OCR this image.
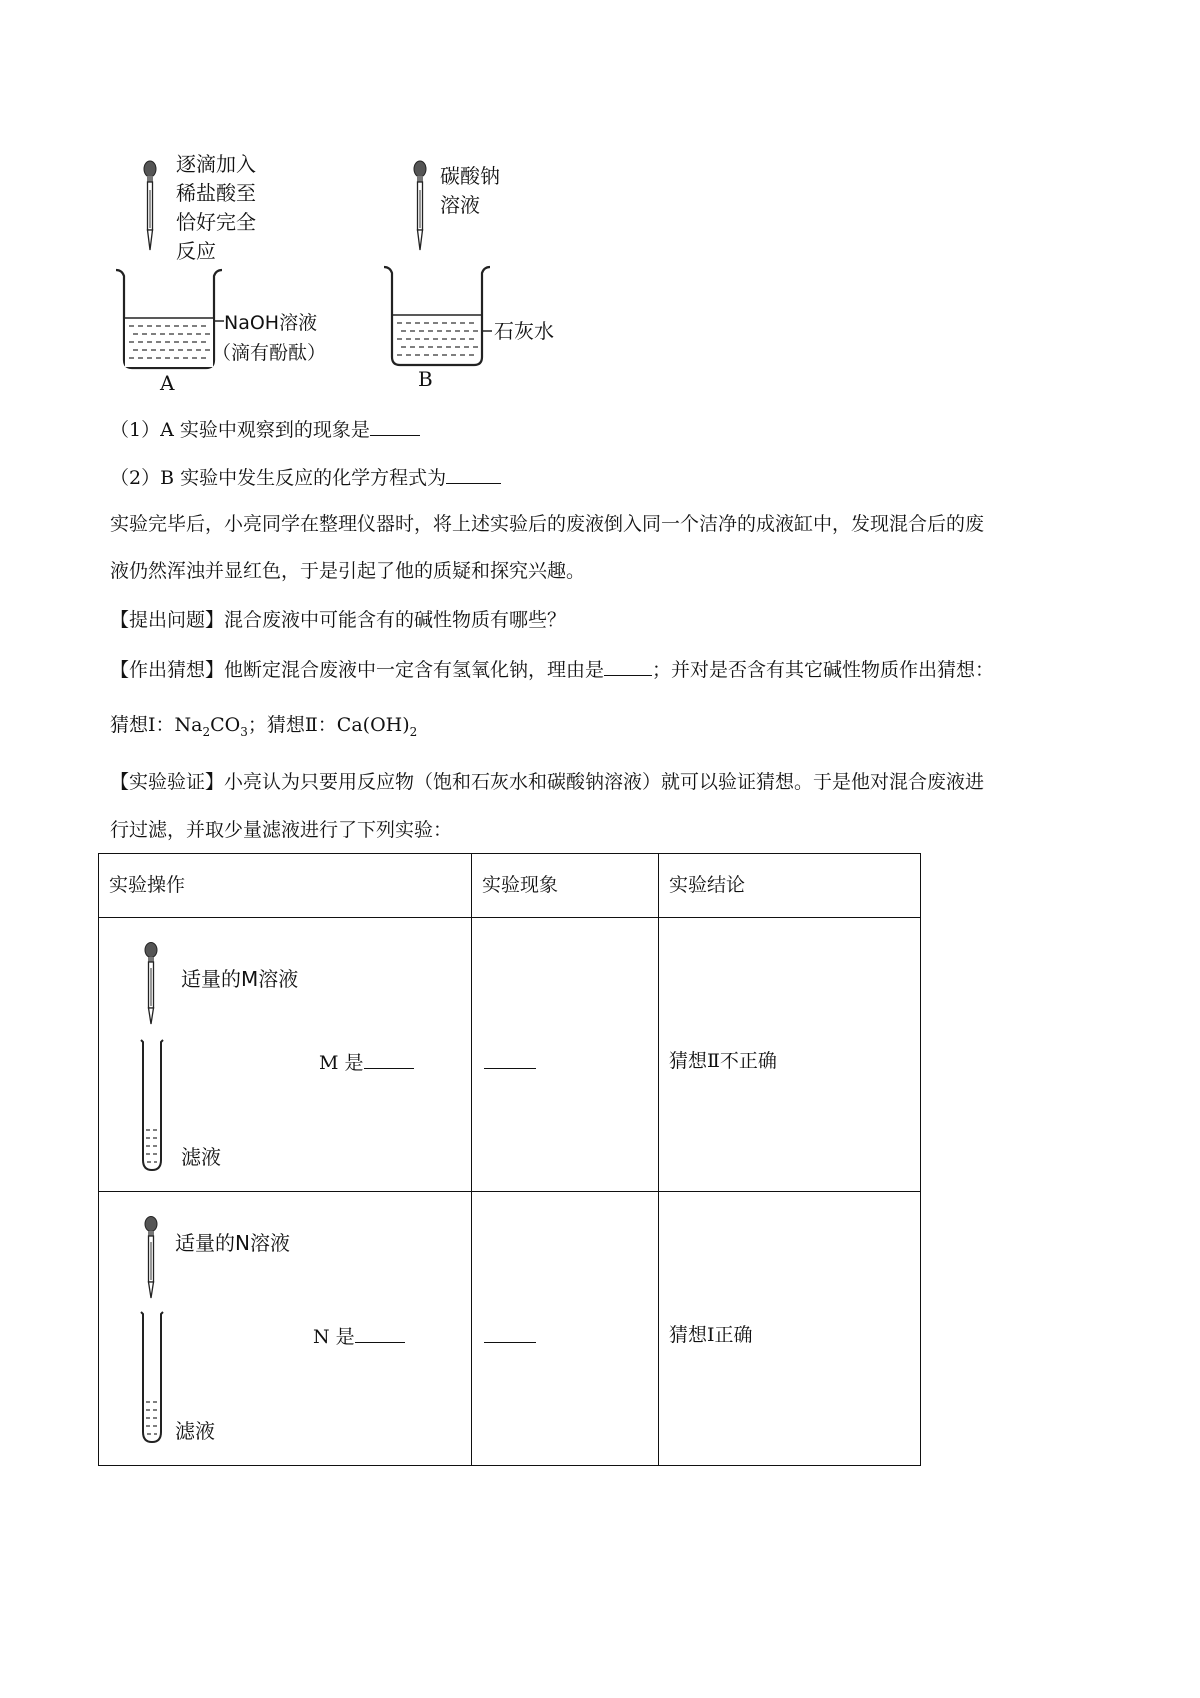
逐滴加入
稀盐酸至
恰好完全
反应
NaOH溶液
（滴有酚酞）
A
碳酸钠
溶液
石灰水
B
（1）A 实验中观察到的现象是
（2）B 实验中发生反应的化学方程式为
实验完毕后，小亮同学在整理仪器时，将上述实验后的废液倒入同一个洁净的成液缸中，发现混合后的废
液仍然浑浊并显红色，于是引起了他的质疑和探究兴趣。
【提出问题】混合废液中可能含有的碱性物质有哪些？
【作出猜想】他断定混合废液中一定含有氢氧化钠，理由是	；并对是否含有其它碱性物质作出猜想：
猜想Ⅰ：$Na_2CO_3$；猜想Ⅱ：$Ca(OH)_2$
【实验验证】小亮认为只要用反应物（饱和石灰水和碳酸钠溶液）就可以验证猜想。于是他对混合废液进
行过滤，并取少量滤液进行了下列实验：
实验操作	实验现象	实验结论

适量的M溶液
滤液
M 是		猜想Ⅱ不正确

适量的N溶液
滤液
N 是		猜想Ⅰ正确
